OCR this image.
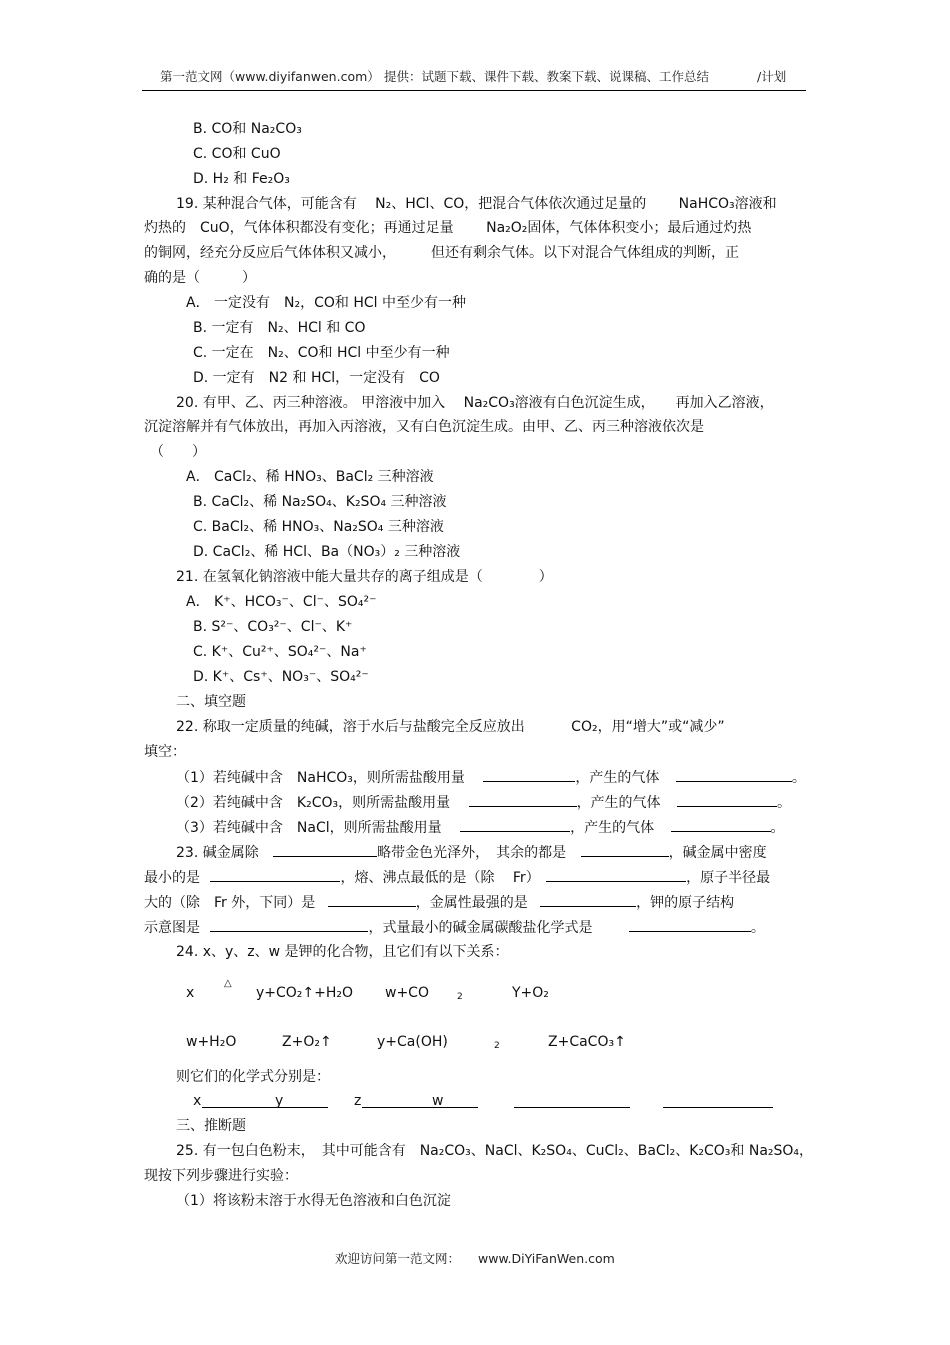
第一范文网（www.diyifanwen.com） 提供：试题下载、课件下载、教案下载、说课稿、工作总结	/计划
B. CO和 Na₂CO₃
C. CO和 CuO
D. H₂ 和 Fe₂O₃
19. 某种混合气体，可能含有　 N₂、HCl、CO，把混合气体依次通过足量的　　 NaHCO₃溶液和
灼热的　CuO，气体体积都没有变化；再通过足量　　 Na₂O₂固体，气体体积变小；最后通过灼热
的铜网，经充分反应后气体体积又减小，　　　但还有剩余气体。以下对混合气体组成的判断，正
确的是（　　　）
A． 一定没有　N₂，CO和 HCl 中至少有一种
B. 一定有　N₂、HCl 和 CO
C. 一定在　N₂、CO和 HCl 中至少有一种
D. 一定有　N2 和 HCl，一定没有　CO
20. 有甲、乙、丙三种溶液。 甲溶液中加入　 Na₂CO₃溶液有白色沉淀生成，　　再加入乙溶液，
沉淀溶解并有气体放出，再加入丙溶液，又有白色沉淀生成。由甲、乙、丙三种溶液依次是
（　　）
A． CaCl₂、稀 HNO₃、BaCl₂ 三种溶液
B. CaCl₂、稀 Na₂SO₄、K₂SO₄ 三种溶液
C. BaCl₂、稀 HNO₃、Na₂SO₄ 三种溶液
D. CaCl₂、稀 HCl、Ba（NO₃）₂ 三种溶液
21. 在氢氧化钠溶液中能大量共存的离子组成是（　　　　）
A． K⁺、HCO₃⁻、Cl⁻、SO₄²⁻
B. S²⁻、CO₃²⁻、Cl⁻、K⁺
C. K⁺、Cu²⁺、SO₄²⁻、Na⁺
D. K⁺、Cs⁺、NO₃⁻、SO₄²⁻
二、填空题
22. 称取一定质量的纯碱，溶于水后与盐酸完全反应放出　　　 CO₂，用“增大”或“减少”
填空：
则它们的化学式分别是：
三、推断题
25. 有一包白色粉末，　其中可能含有　Na₂CO₃、NaCl、K₂SO₄、CuCl₂、BaCl₂、K₂CO₃和 Na₂SO₄，
现按下列步骤进行实验：
（1）将该粉末溶于水得无色溶液和白色沉淀
（1）若纯碱中含　NaHCO₃，则所需盐酸用量	，产生的气体	。
（2）若纯碱中含　K₂CO₃，则所需盐酸用量	，产生的气体	。
（3）若纯碱中含　NaCl，则所需盐酸用量	，产生的气体	。
23. 碱金属除	略带金色光泽外，　其余的都是	，碱金属中密度
最小的是	，熔、沸点最低的是（除　 Fr）	，原子半径最
大的（除　Fr 外，下同）是	，金属性最强的是	，钾的原子结构
示意图是	，式量最小的碱金属碳酸盐化学式是	。
24. x、y、z、w 是钾的化合物，且它们有以下关系：
△
x	y+CO₂↑+H₂O w+CO	2	Y+O₂
w+H₂O	Z+O₂↑	y+Ca(OH)	2	Z+CaCO₃↑
x	y	z	w
欢迎访问第一范文网： www.DiYiFanWen.com
